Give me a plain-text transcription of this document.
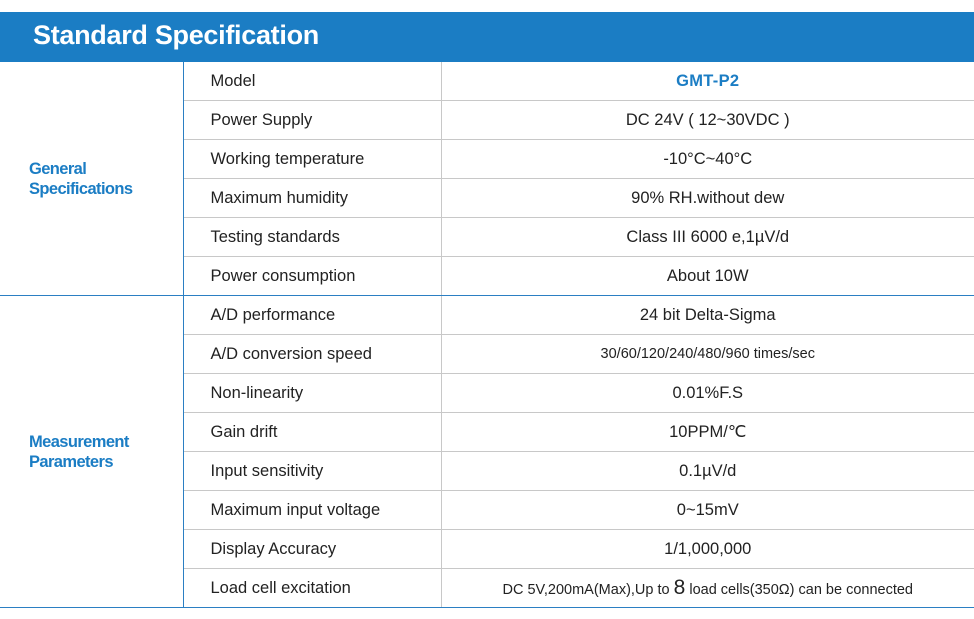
Standard Specification
General
Specifications	Model	GMT-P2
	Power Supply	DC 24V ( 12~30VDC )
	Working temperature	-10°C~40°C
	Maximum humidity	90% RH.without dew
	Testing standards	Class III 6000 e,1µV/d
	Power consumption	About 10W

Measurement
Parameters	A/D performance	24 bit Delta-Sigma
	A/D conversion speed	30/60/120/240/480/960 times/sec
	Non-linearity	0.01%F.S
	Gain drift	10PPM/℃
	Input sensitivity	0.1µV/d
	Maximum input voltage	0~15mV
	Display Accuracy	1/1,000,000
	Load cell excitation	DC 5V,200mA(Max),Up to 8 load cells(350Ω) can be connected
